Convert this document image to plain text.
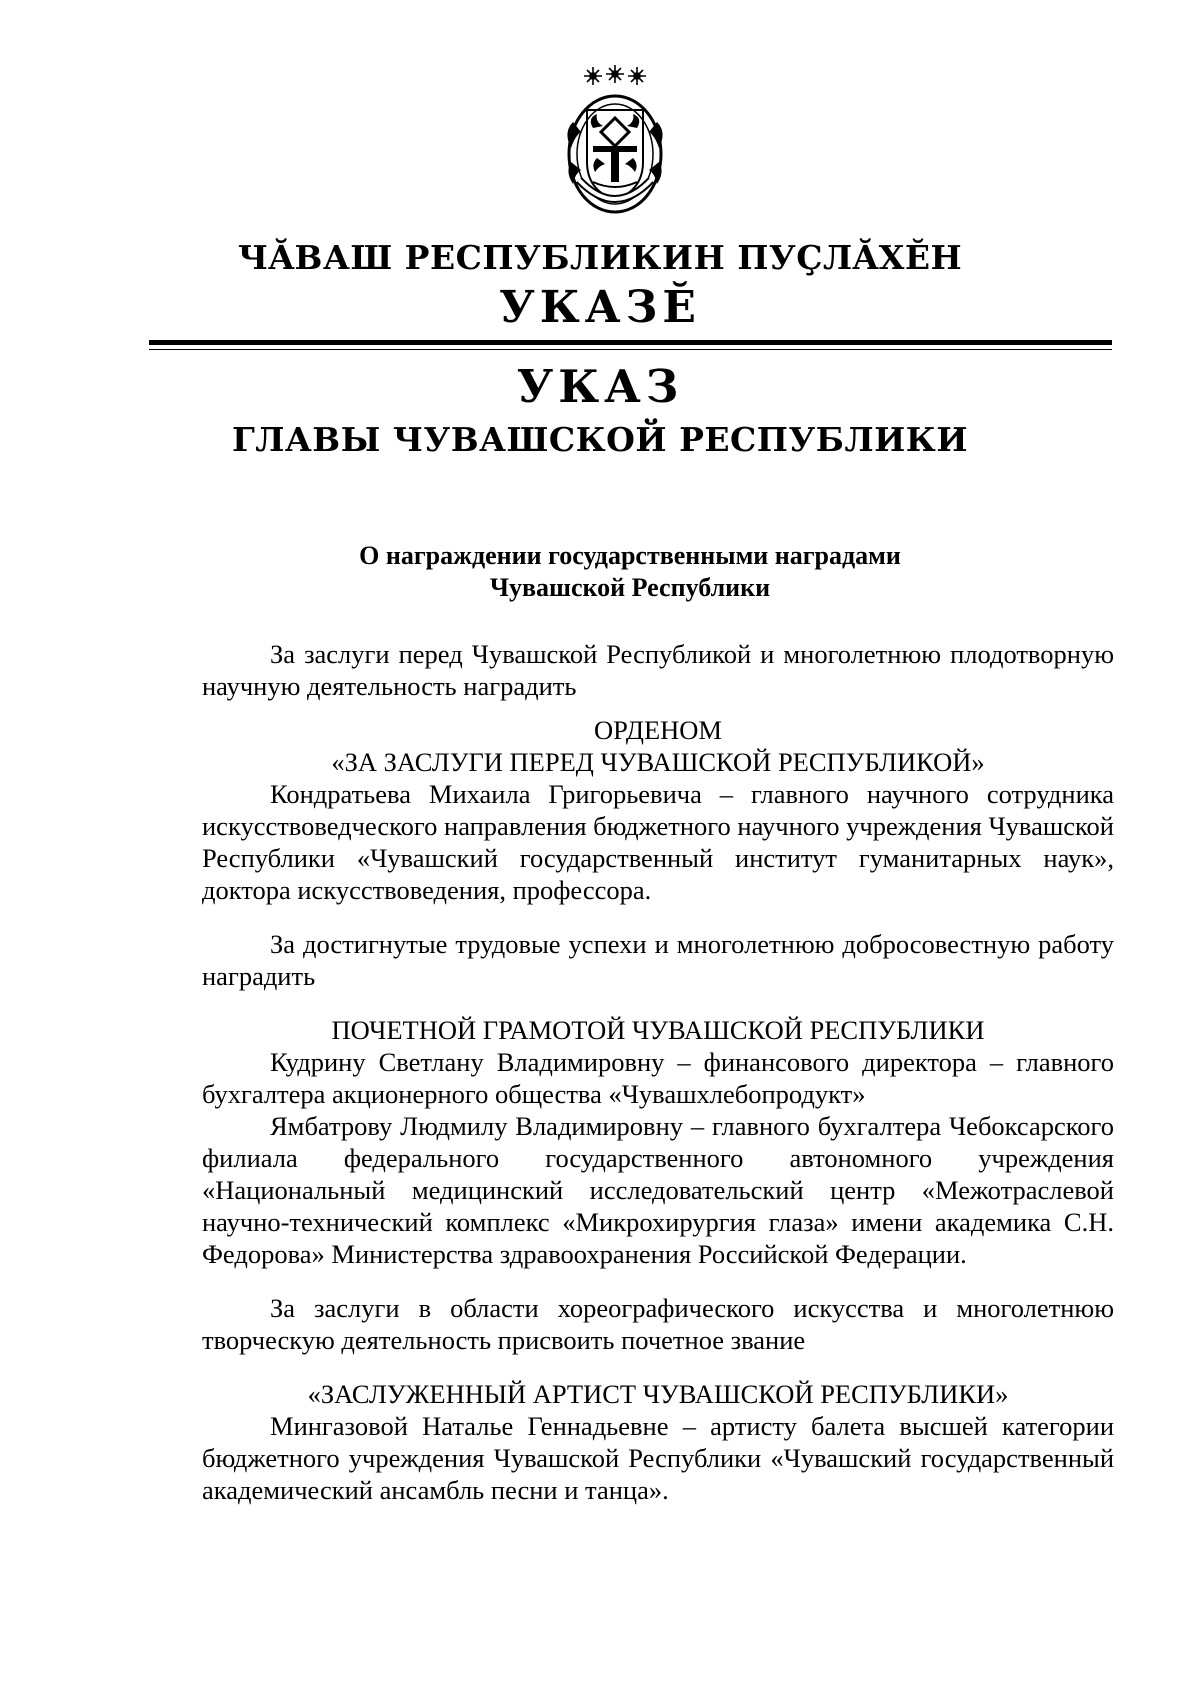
ЧĂВАШ РЕСПУБЛИКИН ПУÇЛĂХĔН
УКАЗĔ
УКАЗ
ГЛАВЫ ЧУВАШСКОЙ РЕСПУБЛИКИ
О награждении государственными наградами
Чувашской Республики

За заслуги перед Чувашской Республикой и многолетнюю плодотворную научную деятельность наградить

ОРДЕНОМ

«ЗА ЗАСЛУГИ ПЕРЕД ЧУВАШСКОЙ РЕСПУБЛИКОЙ»

Кондратьева Михаила Григорьевича – главного научного сотрудника искусствоведческого направления бюджетного научного учреждения Чувашской Республики «Чувашский государственный институт гуманитарных наук», доктора искусствоведения, профессора.

За достигнутые трудовые успехи и многолетнюю добросовестную работу наградить

ПОЧЕТНОЙ ГРАМОТОЙ ЧУВАШСКОЙ РЕСПУБЛИКИ

Кудрину Светлану Владимировну – финансового директора – главного бухгалтера акционерного общества «Чувашхлебопродукт»

Ямбатрову Людмилу Владимировну – главного бухгалтера Чебоксарского филиала федерального государственного автономного учреждения «Национальный медицинский исследовательский центр «Межотраслевой научно-технический комплекс «Микрохирургия глаза» имени академика С.Н. Федорова» Министерства здравоохранения Российской Федерации.

За заслуги в области хореографического искусства и многолетнюю творческую деятельность присвоить почетное звание

«ЗАСЛУЖЕННЫЙ АРТИСТ ЧУВАШСКОЙ РЕСПУБЛИКИ»

Мингазовой Наталье Геннадьевне – артисту балета высшей категории бюджетного учреждения Чувашской Республики «Чувашский государственный академический ансамбль песни и танца».
